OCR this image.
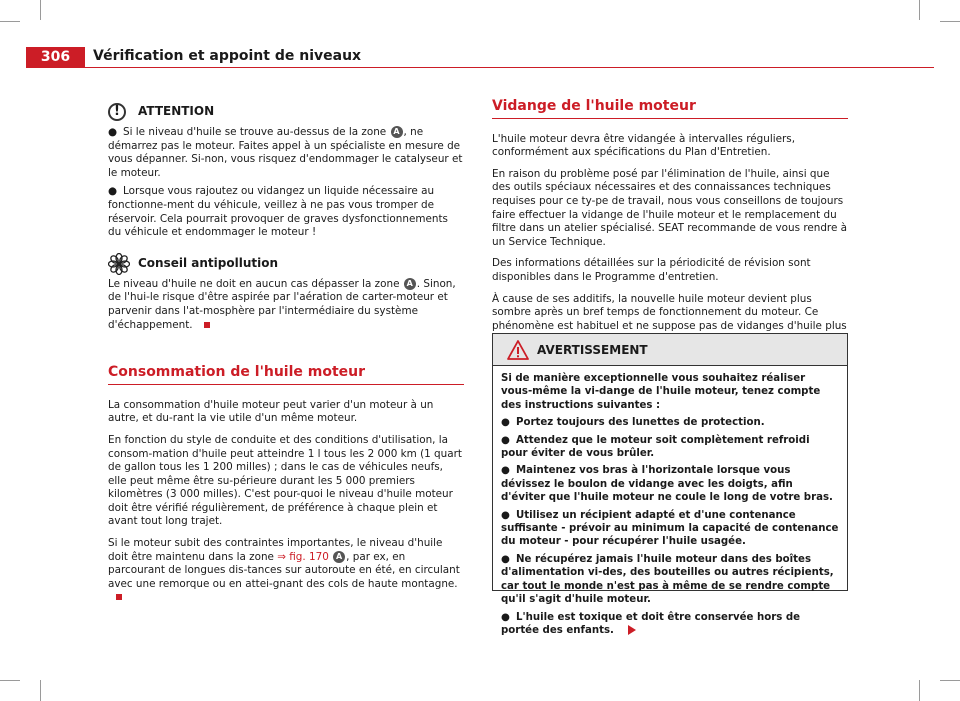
306	Vérification et appoint de niveaux
!	ATTENTION

● Si le niveau d'huile se trouve au-dessus de la zone A , ne démarrez pas le moteur. Faites appel à un spécialiste en mesure de vous dépanner. Si-non, vous risquez d'endommager le catalyseur et le moteur.

● Lorsque vous rajoutez ou vidangez un liquide nécessaire au fonctionne-ment du véhicule, veillez à ne pas vous tromper de réservoir. Cela pourrait provoquer de graves dysfonctionnements du véhicule et endommager le moteur !

Conseil antipollution

Le niveau d'huile ne doit en aucun cas dépasser la zone A . Sinon, de l'hui-le risque d'être aspirée par l'aération de carter-moteur et parvenir dans l'at-mosphère par l'intermédiaire du système d'échappement.

Consommation de l'huile moteur

La consommation d'huile moteur peut varier d'un moteur à un autre, et du-rant la vie utile d'un même moteur.

En fonction du style de conduite et des conditions d'utilisation, la consom-mation d'huile peut atteindre 1 l tous les 2 000 km (1 quart de gallon tous les 1 200 milles) ; dans le cas de véhicules neufs, elle peut même être su-périeure durant les 5 000 premiers kilomètres (3 000 milles). C'est pour-quoi le niveau d'huile moteur doit être vérifié régulièrement, de préférence à chaque plein et avant tout long trajet.

Si le moteur subit des contraintes importantes, le niveau d'huile doit être maintenu dans la zone ⇒ fig. 170 A , par ex, en parcourant de longues dis-tances sur autoroute en été, en circulant avec une remorque ou en attei-gnant des cols de haute montagne.

Vidange de l'huile moteur

L'huile moteur devra être vidangée à intervalles réguliers, conformément aux spécifications du Plan d'Entretien.

En raison du problème posé par l'élimination de l'huile, ainsi que des outils spéciaux nécessaires et des connaissances techniques requises pour ce ty-pe de travail, nous vous conseillons de toujours faire effectuer la vidange de l'huile moteur et le remplacement du filtre dans un atelier spécialisé. SEAT recommande de vous rendre à un Service Technique.

Des informations détaillées sur la périodicité de révision sont disponibles dans le Programme d'entretien.

À cause de ses additifs, la nouvelle huile moteur devient plus sombre après un bref temps de fonctionnement du moteur. Ce phénomène est habituel et ne suppose pas de vidanges d'huile plus

AVERTISSEMENT

Si de manière exceptionnelle vous souhaitez réaliser vous-même la vi-dange de l'huile moteur, tenez compte des instructions suivantes :

● Portez toujours des lunettes de protection.

● Attendez que le moteur soit complètement refroidi pour éviter de vous brûler.

● Maintenez vos bras à l'horizontale lorsque vous dévissez le boulon de vidange avec les doigts, afin d'éviter que l'huile moteur ne coule le long de votre bras.

● Utilisez un récipient adapté et d'une contenance suffisante - prévoir au minimum la capacité de contenance du moteur - pour récupérer l'huile usagée.

● Ne récupérez jamais l'huile moteur dans des boîtes d'alimentation vi-des, des bouteilles ou autres récipients, car tout le monde n'est pas à même de se rendre compte qu'il s'agit d'huile moteur.

● L'huile est toxique et doit être conservée hors de portée des enfants.
